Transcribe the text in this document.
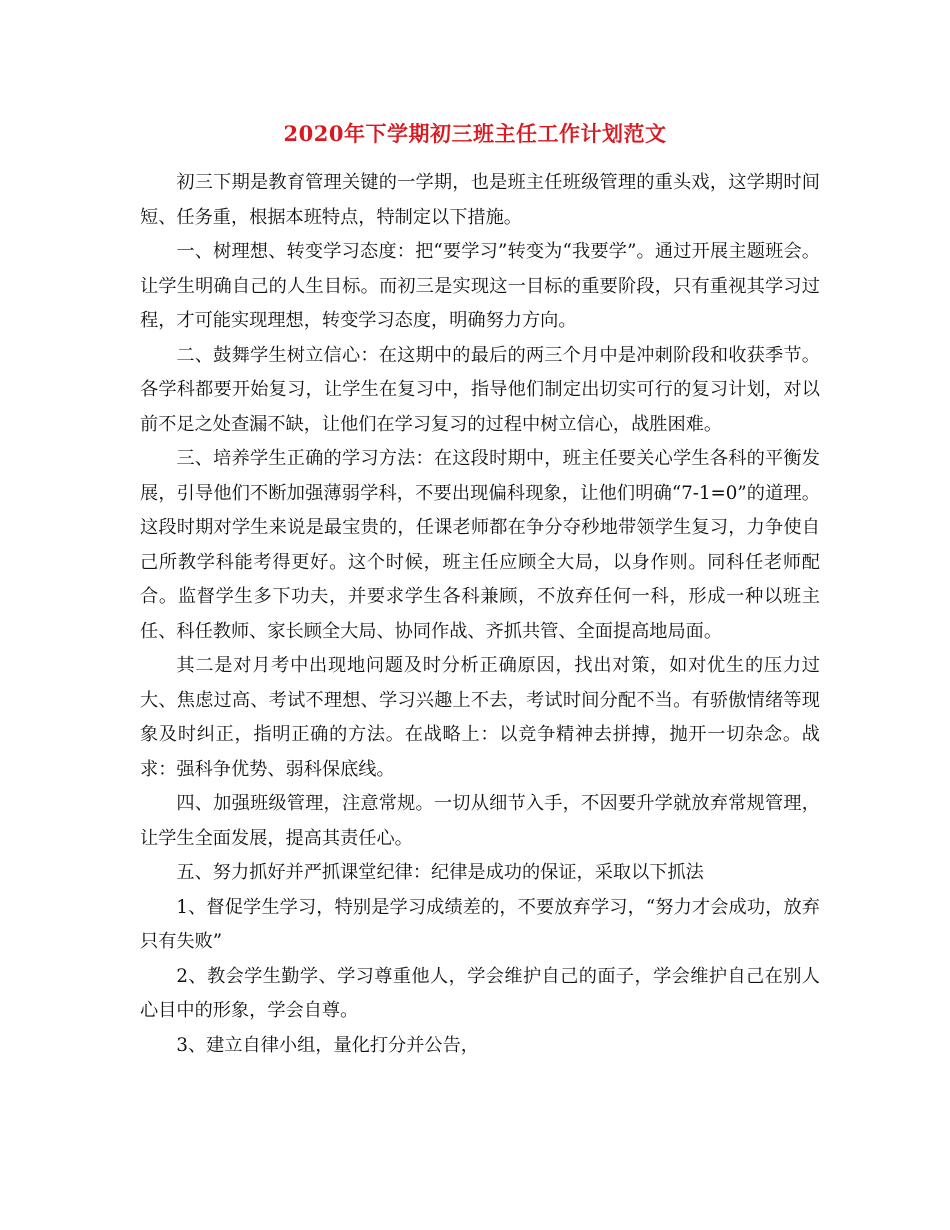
2020年下学期初三班主任工作计划范文

初三下期是教育管理关键的一学期，也是班主任班级管理的重头戏，这学期时间短、任务重，根据本班特点，特制定以下措施。

一、树理想、转变学习态度：把“要学习”转变为“我要学”。通过开展主题班会。让学生明确自己的人生目标。而初三是实现这一目标的重要阶段，只有重视其学习过程，才可能实现理想，转变学习态度，明确努力方向。

二、鼓舞学生树立信心：在这期中的最后的两三个月中是冲刺阶段和收获季节。各学科都要开始复习，让学生在复习中，指导他们制定出切实可行的复习计划，对以前不足之处查漏不缺，让他们在学习复习的过程中树立信心，战胜困难。

三、培养学生正确的学习方法：在这段时期中，班主任要关心学生各科的平衡发展，引导他们不断加强薄弱学科，不要出现偏科现象，让他们明确“7-1=0”的道理。这段时期对学生来说是最宝贵的，任课老师都在争分夺秒地带领学生复习，力争使自己所教学科能考得更好。这个时候，班主任应顾全大局，以身作则。同科任老师配合。监督学生多下功夫，并要求学生各科兼顾，不放弃任何一科，形成一种以班主任、科任教师、家长顾全大局、协同作战、齐抓共管、全面提高地局面。

其二是对月考中出现地问题及时分析正确原因，找出对策，如对优生的压力过大、焦虑过高、考试不理想、学习兴趣上不去，考试时间分配不当。有骄傲情绪等现象及时纠正，指明正确的方法。在战略上：以竞争精神去拼搏，抛开一切杂念。战求：强科争优势、弱科保底线。

四、加强班级管理，注意常规。一切从细节入手，不因要升学就放弃常规管理，让学生全面发展，提高其责任心。

五、努力抓好并严抓课堂纪律：纪律是成功的保证，采取以下抓法

1、督促学生学习，特别是学习成绩差的，不要放弃学习，“努力才会成功，放弃只有失败”

2、教会学生勤学、学习尊重他人，学会维护自己的面子，学会维护自己在别人心目中的形象，学会自尊。

3、建立自律小组，量化打分并公告，
